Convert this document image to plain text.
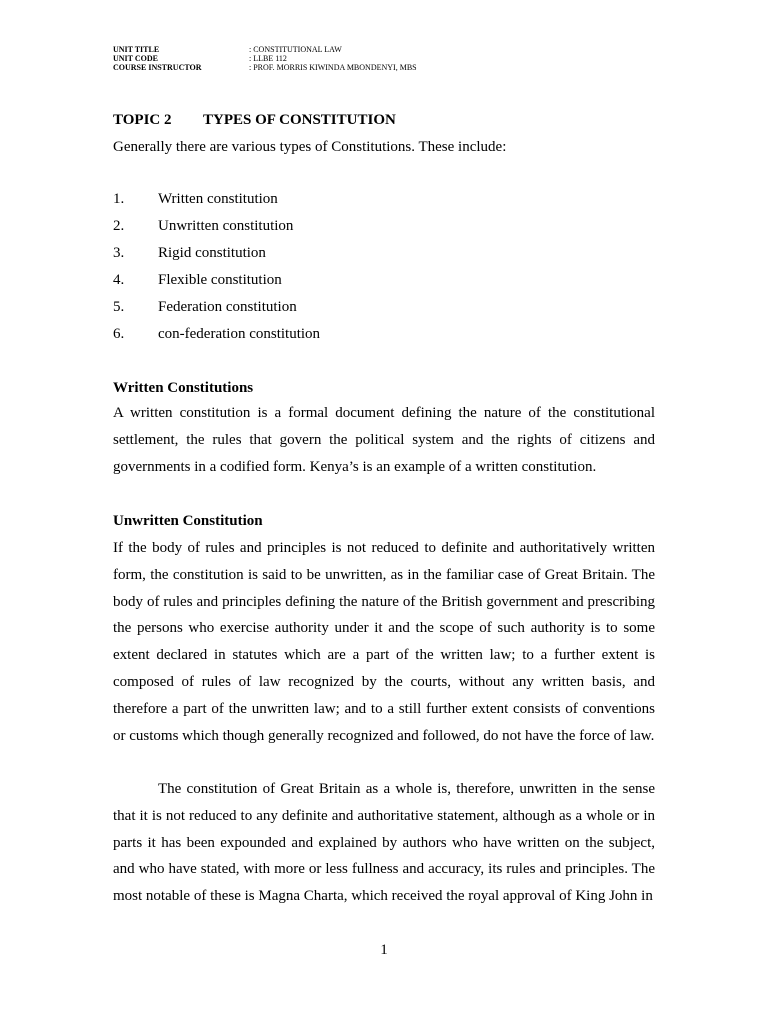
UNIT TITLE	: CONSTITUTIONAL LAW
UNIT CODE	: LLBE 112
COURSE INSTRUCTOR	: PROF. MORRIS KIWINDA MBONDENYI, MBS
TOPIC 2 TYPES OF CONSTITUTION
Generally there are various types of Constitutions. These include:
1.	Written constitution
2.	Unwritten constitution
3.	Rigid constitution
4.	Flexible constitution
5.	Federation constitution
6.	con-federation constitution
Written Constitutions
A written constitution is a formal document defining the nature of the constitutional settlement, the rules that govern the political system and the rights of citizens and governments in a codified form. Kenya’s is an example of a written constitution.
Unwritten Constitution
If the body of rules and principles is not reduced to definite and authoritatively written form, the constitution is said to be unwritten, as in the familiar case of Great Britain. The body of rules and principles defining the nature of the British government and prescribing the persons who exercise authority under it and the scope of such authority is to some extent declared in statutes which are a part of the written law; to a further extent is composed of rules of law recognized by the courts, without any written basis, and therefore a part of the unwritten law; and to a still further extent consists of conventions or customs which though generally recognized and followed, do not have the force of law.
The constitution of Great Britain as a whole is, therefore, unwritten in the sense that it is not reduced to any definite and authoritative statement, although as a whole or in parts it has been expounded and explained by authors who have written on the subject, and who have stated, with more or less fullness and accuracy, its rules and principles. The most notable of these is Magna Charta, which received the royal approval of King John in
1
